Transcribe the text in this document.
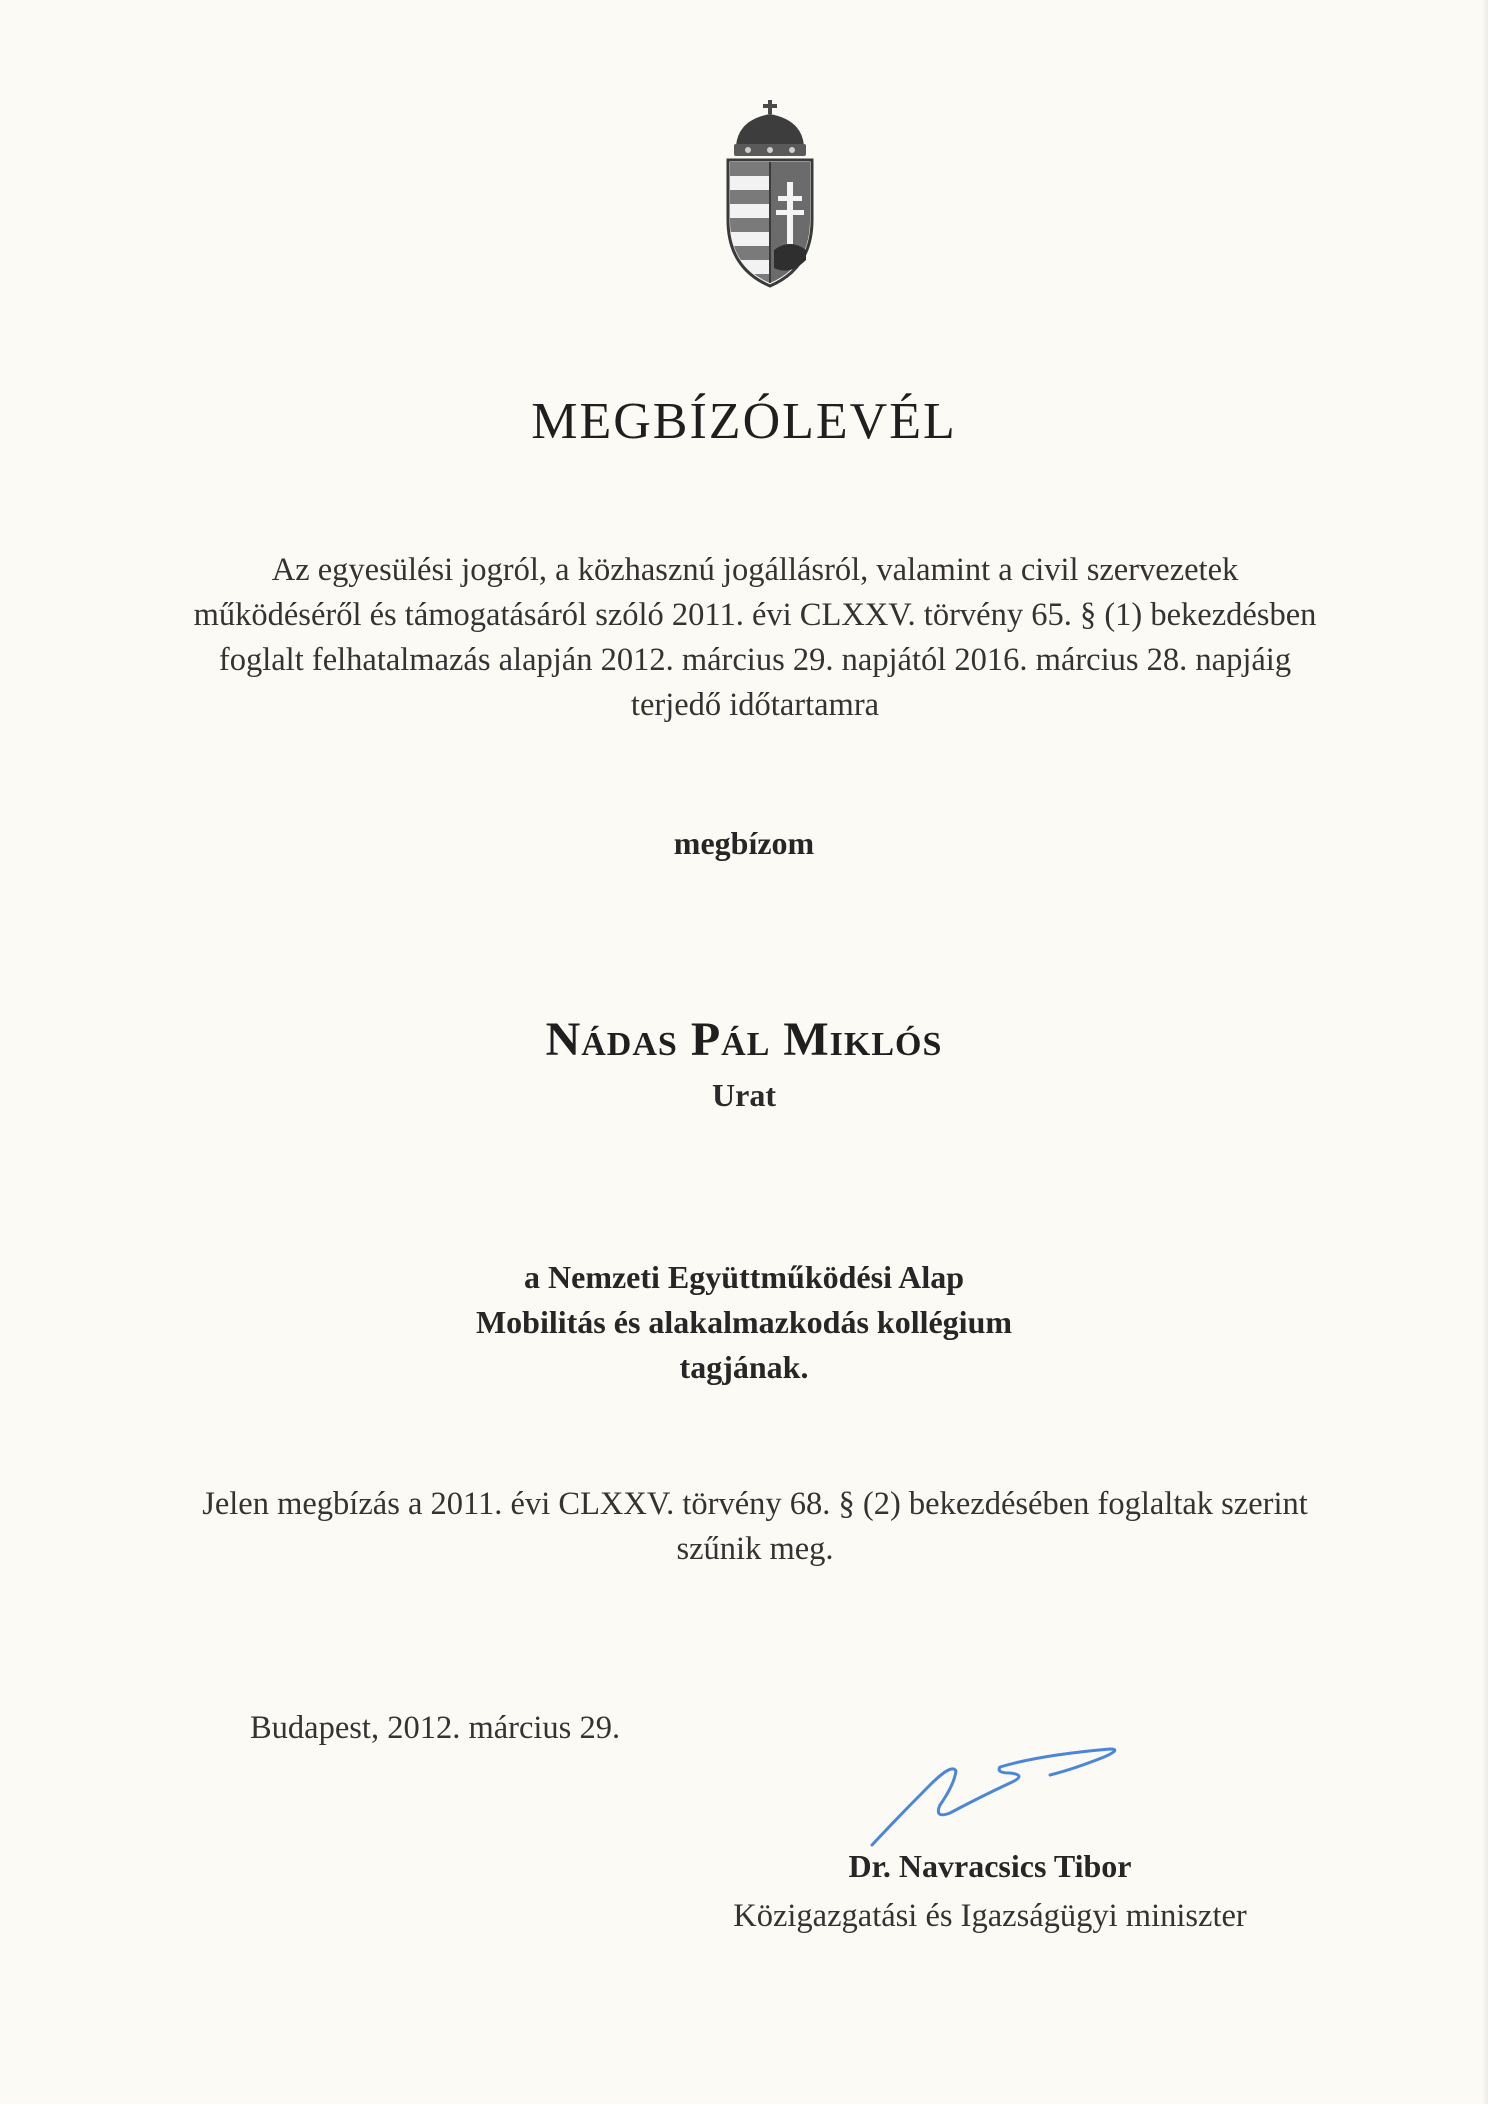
MEGBÍZÓLEVÉL
Az egyesülési jogról, a közhasznú jogállásról, valamint a civil szervezetek működéséről és támogatásáról szóló 2011. évi CLXXV. törvény 65. § (1) bekezdésben foglalt felhatalmazás alapján 2012. március 29. napjától 2016. március 28. napjáig terjedő időtartamra
megbízom
Nádas Pál Miklós
Urat
a Nemzeti Együttműködési Alap
Mobilitás és alakalmazkodás kollégium
tagjának.
Jelen megbízás a 2011. évi CLXXV. törvény 68. § (2) bekezdésében foglaltak szerint szűnik meg.
Budapest, 2012. március 29.
Dr. Navracsics Tibor
Közigazgatási és Igazságügyi miniszter
